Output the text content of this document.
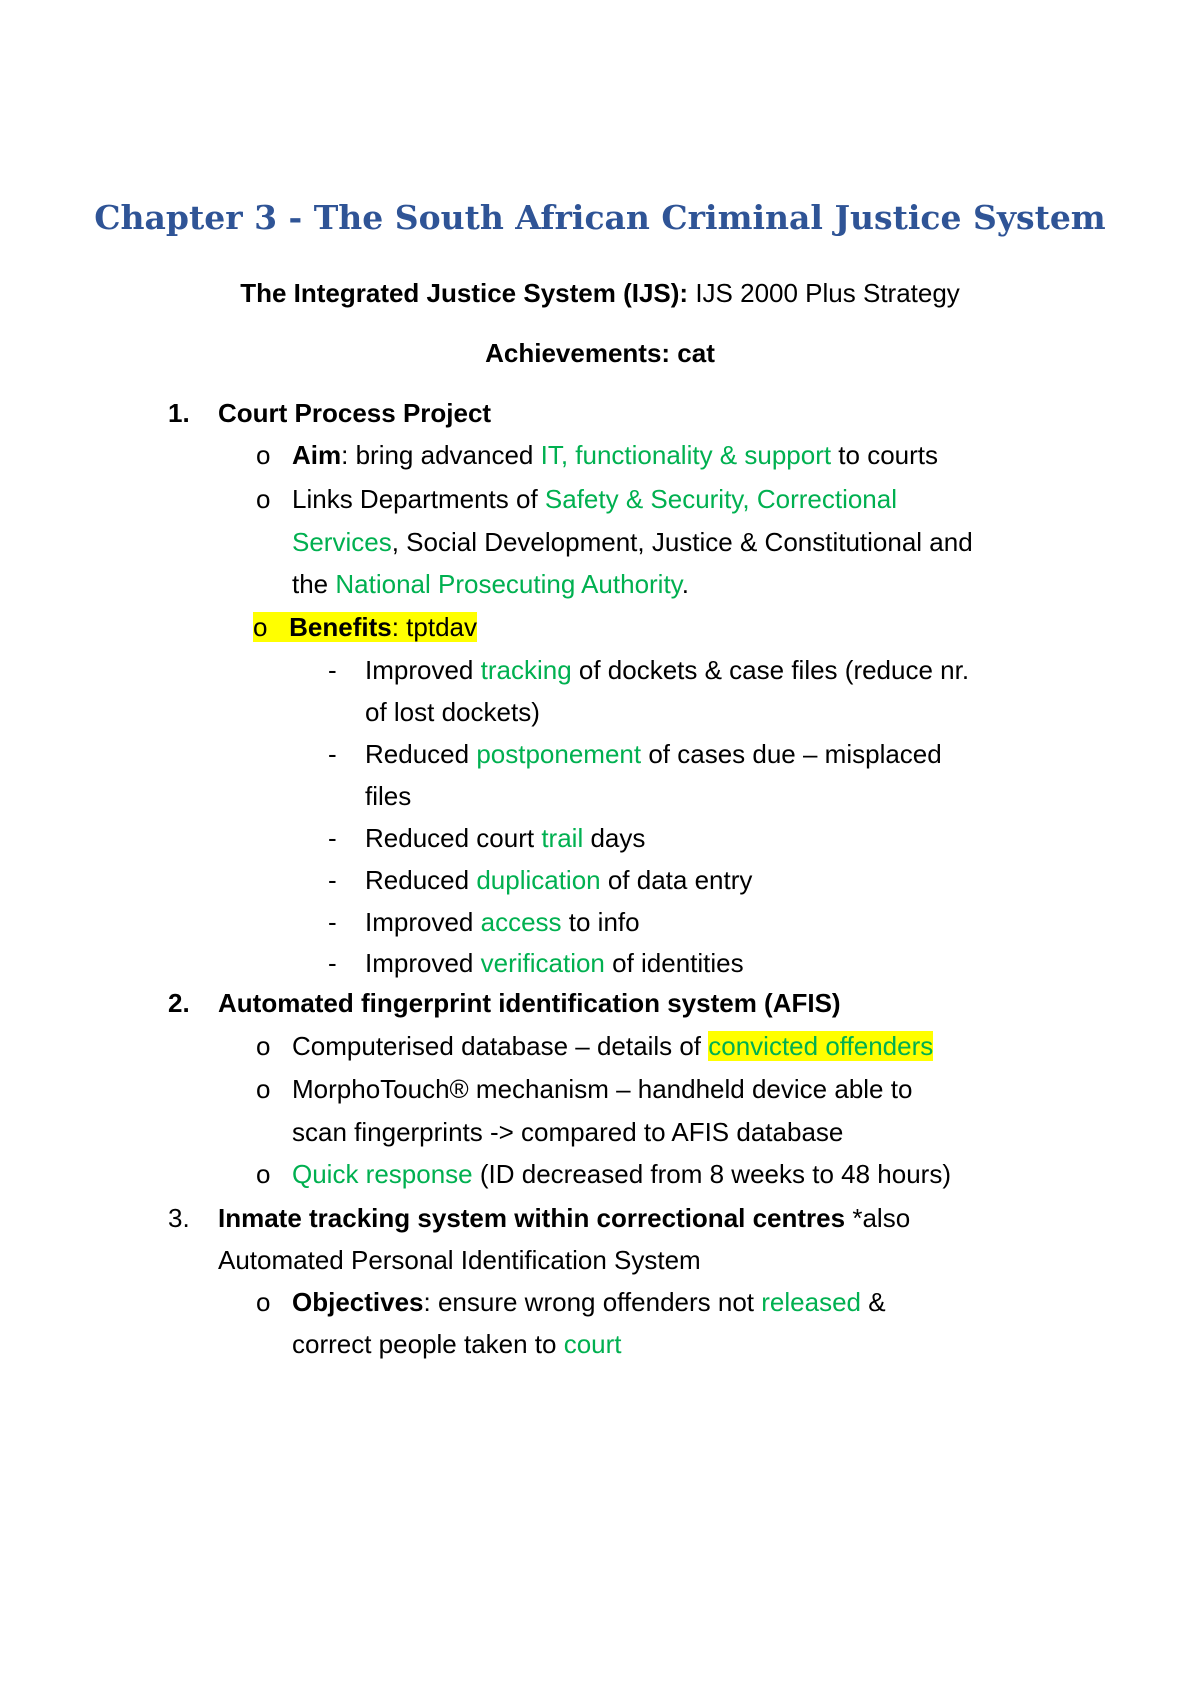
Chapter 3 - The South African Criminal Justice System

The Integrated Justice System (IJS): IJS 2000 Plus Strategy

Achievements: cat

1. Court Process Project

o Aim: bring advanced IT, functionality & support to courts

o Links Departments of Safety & Security, Correctional

Services, Social Development, Justice & Constitutional and

the National Prosecuting Authority.

o Benefits: tptdav

- Improved tracking of dockets & case files (reduce nr.

of lost dockets)

- Reduced postponement of cases due – misplaced

files

- Reduced court trail days

- Reduced duplication of data entry

- Improved access to info

- Improved verification of identities

2. Automated fingerprint identification system (AFIS)

o Computerised database – details of convicted offenders

o MorphoTouch® mechanism – handheld device able to

scan fingerprints -> compared to AFIS database

o Quick response (ID decreased from 8 weeks to 48 hours)

3. Inmate tracking system within correctional centres *also

Automated Personal Identification System

o Objectives: ensure wrong offenders not released &

correct people taken to court
